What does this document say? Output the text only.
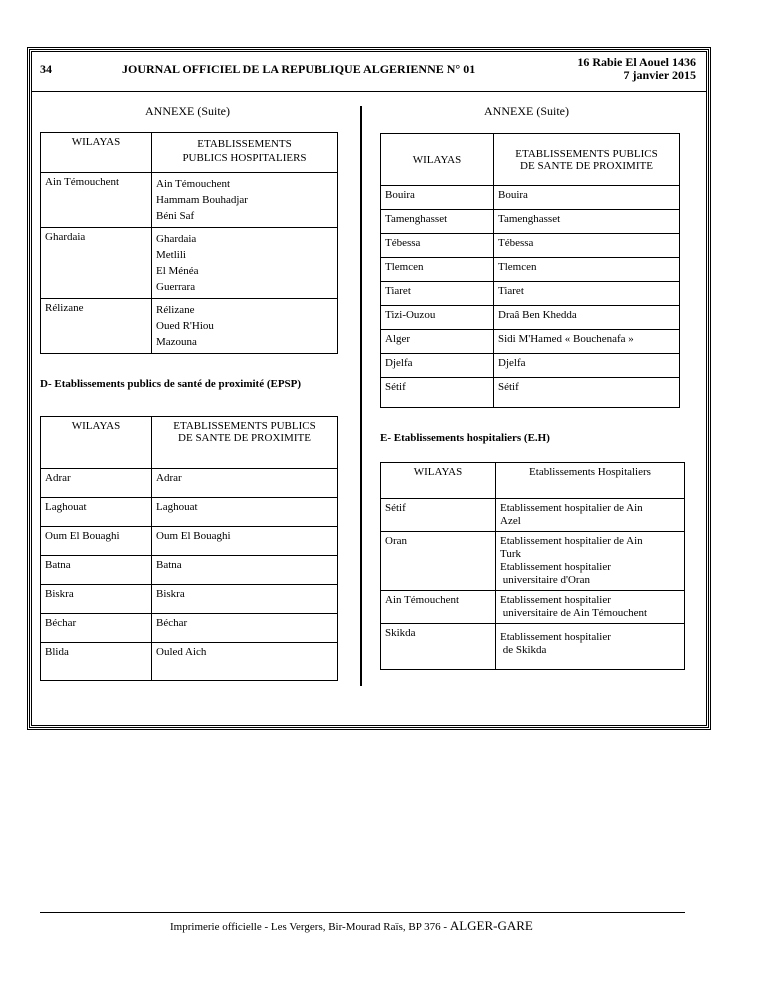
34	JOURNAL OFFICIEL DE LA REPUBLIQUE ALGERIENNE N° 01	16 Rabie El Aouel 1436
7 janvier 2015
ANNEXE (Suite)	ANNEXE (Suite)
WILAYAS	ETABLISSEMENTS
PUBLICS HOSPITALIERS

Ain Témouchent	Ain Témouchent
Hammam Bouhadjar
Béni Saf

Ghardaia	Ghardaia
Metlili
El Ménéa
Guerrara

Rélizane	Rélizane
Oued R'Hiou
Mazouna
D- Etablissements publics de santé de proximité (EPSP)
WILAYAS	ETABLISSEMENTS PUBLICS
DE SANTE DE PROXIMITE

Adrar	Adrar
Laghouat	Laghouat
Oum El Bouaghi	Oum El Bouaghi
Batna	Batna
Biskra	Biskra
Béchar	Béchar
Blida	Ouled Aich
WILAYAS	ETABLISSEMENTS PUBLICS
DE SANTE DE PROXIMITE

Bouira	Bouira
Tamenghasset	Tamenghasset
Tébessa	Tébessa
Tlemcen	Tlemcen
Tiaret	Tiaret
Tizi-Ouzou	Draâ Ben Khedda
Alger	Sidi M'Hamed « Bouchenafa »
Djelfa	Djelfa
Sétif	Sétif
E- Etablissements hospitaliers (E.H)
WILAYAS	Etablissements Hospitaliers
Sétif	Etablissement hospitalier de Ain
Azel

Oran	Etablissement hospitalier de Ain
Turk
Etablissement hospitalier
universitaire d'Oran

Ain Témouchent	Etablissement hospitalier
universitaire de Ain Témouchent

Skikda	Etablissement hospitalier
de Skikda
Imprimerie officielle - Les Vergers, Bir-Mourad Raïs, BP 376 - ALGER-GARE
